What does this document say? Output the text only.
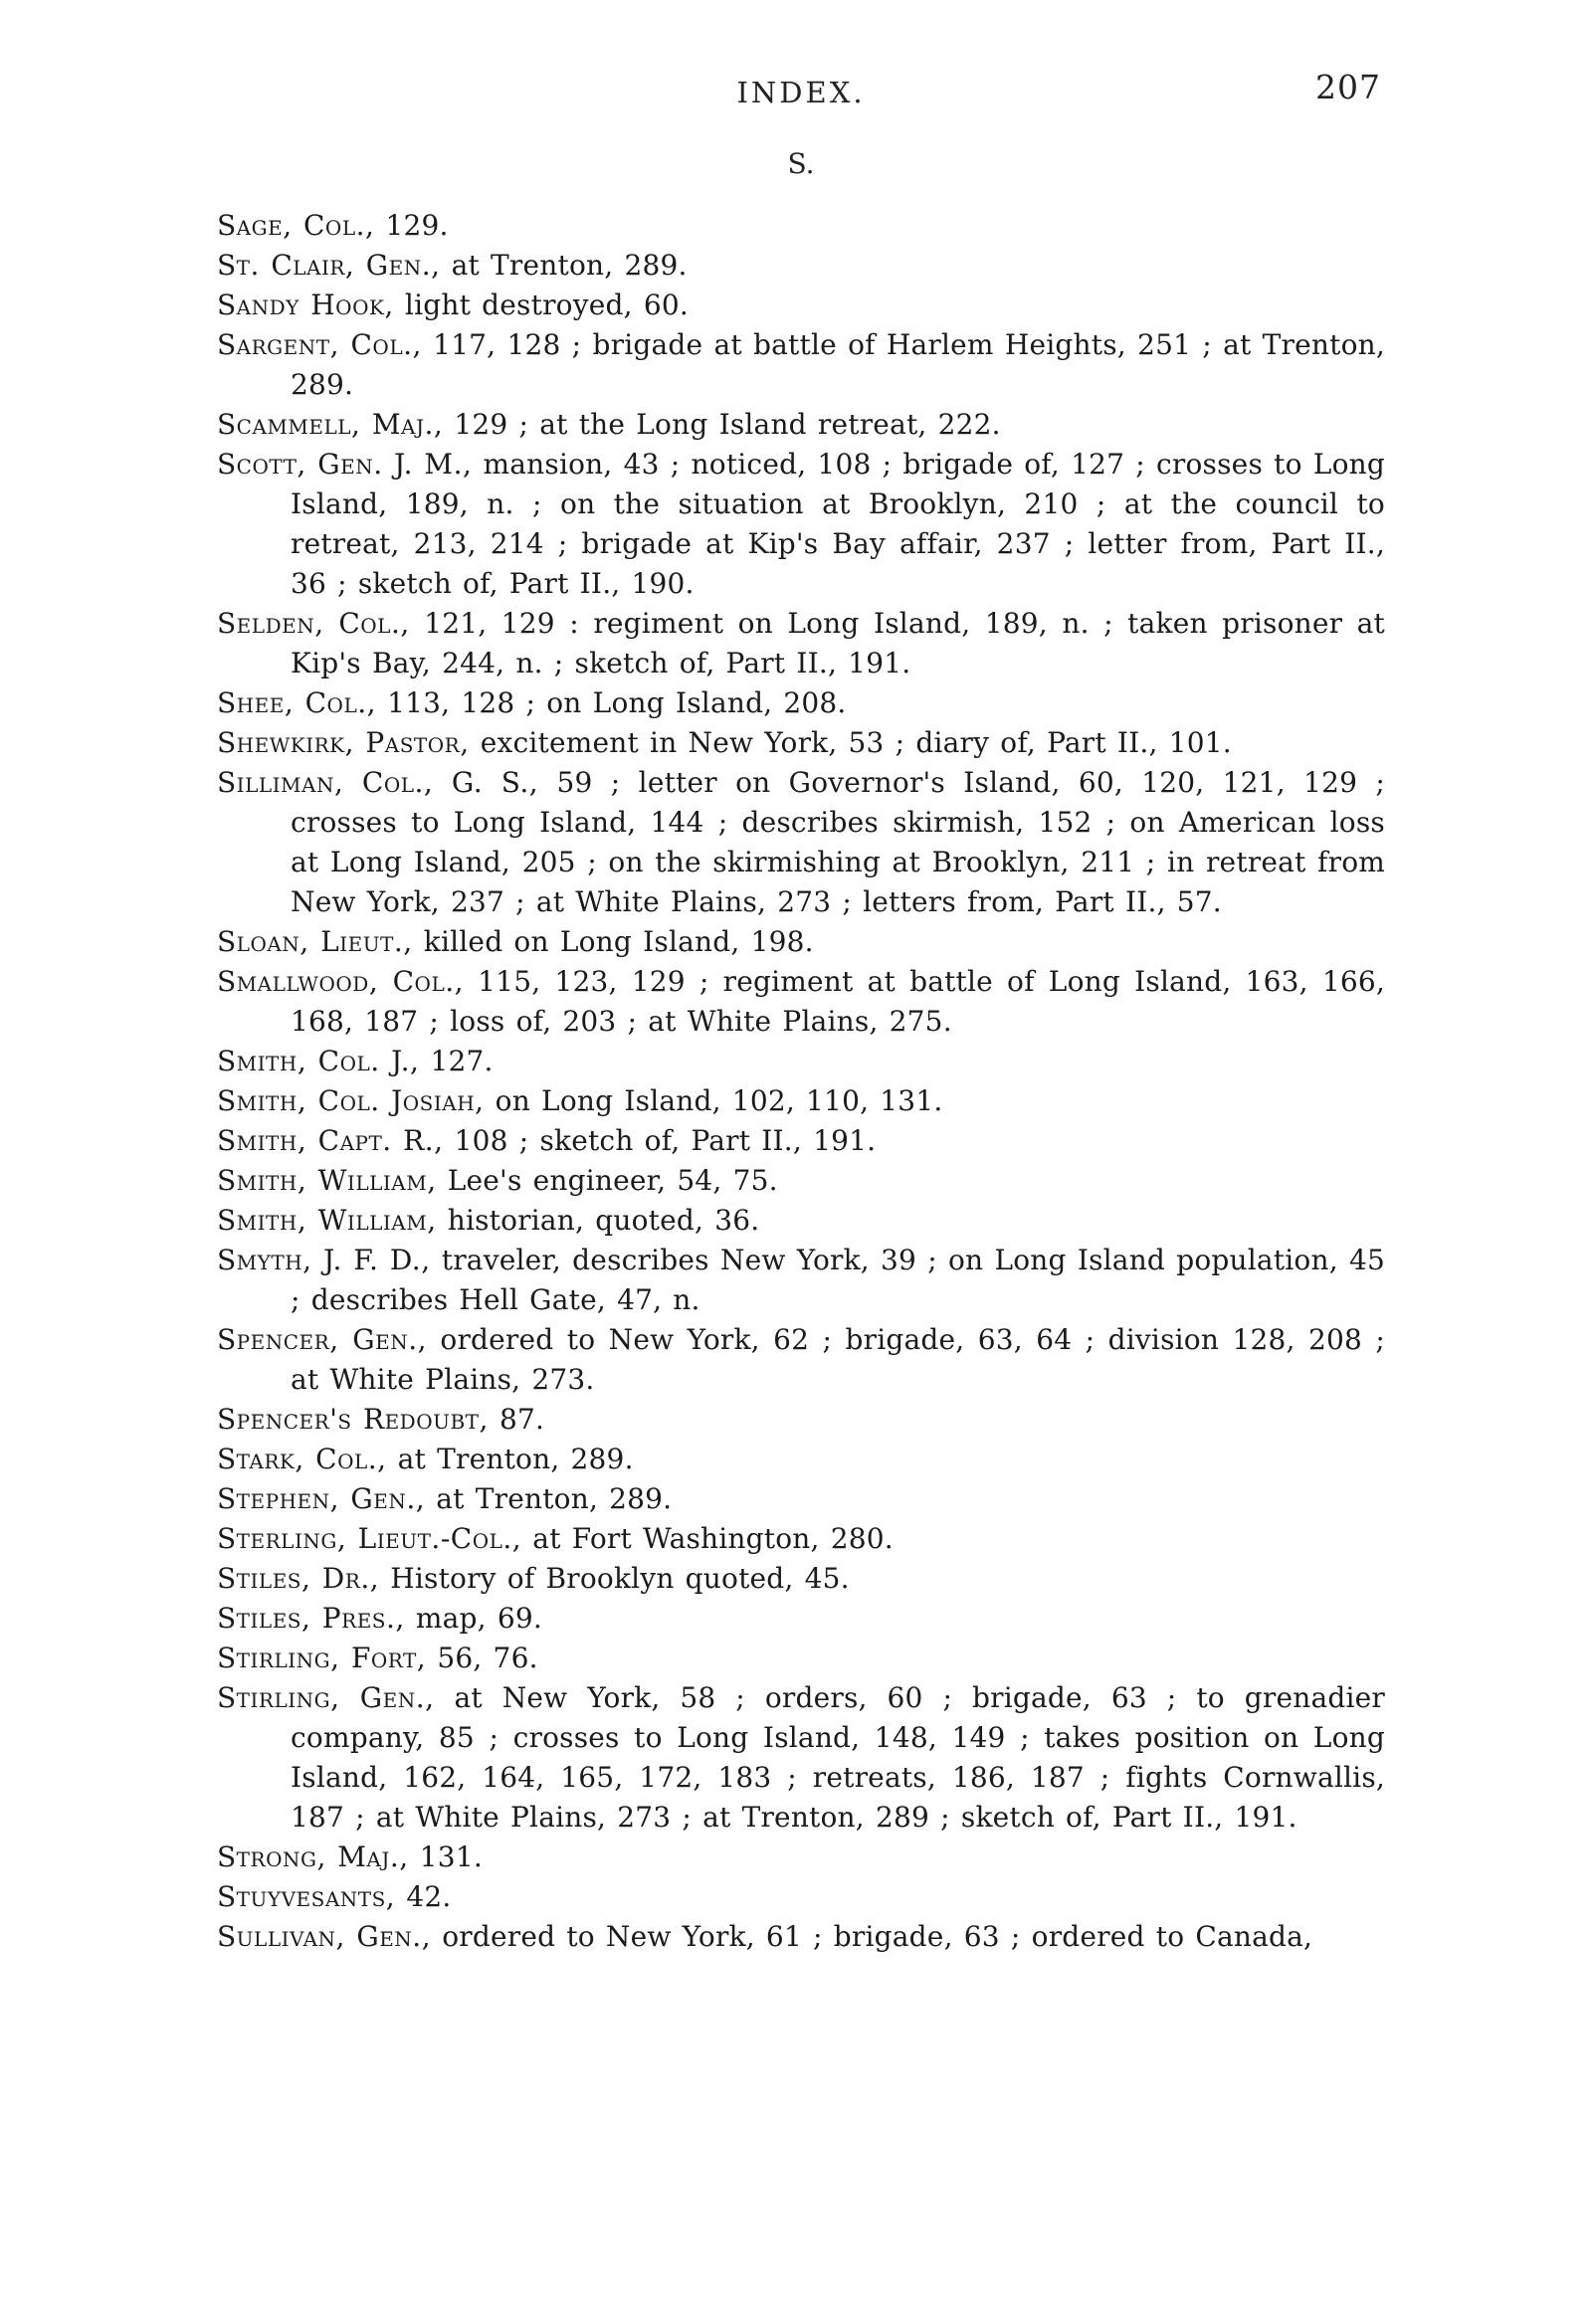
INDEX.	207
S.

Sage, Col., 129.

St. Clair, Gen., at Trenton, 289.

Sandy Hook, light destroyed, 60.

Sargent, Col., 117, 128 ; brigade at battle of Harlem Heights, 251 ; at Trenton, 289.

Scammell, Maj., 129 ; at the Long Island retreat, 222.

Scott, Gen. J. M., mansion, 43 ; noticed, 108 ; brigade of, 127 ; crosses to Long Island, 189, n. ; on the situation at Brooklyn, 210 ; at the council to retreat, 213, 214 ; brigade at Kip's Bay affair, 237 ; letter from, Part II., 36 ; sketch of, Part II., 190.

Selden, Col., 121, 129 : regiment on Long Island, 189, n. ; taken prisoner at Kip's Bay, 244, n. ; sketch of, Part II., 191.

Shee, Col., 113, 128 ; on Long Island, 208.

Shewkirk, Pastor, excitement in New York, 53 ; diary of, Part II., 101.

Silliman, Col., G. S., 59 ; letter on Governor's Island, 60, 120, 121, 129 ; crosses to Long Island, 144 ; describes skirmish, 152 ; on American loss at Long Island, 205 ; on the skirmishing at Brooklyn, 211 ; in retreat from New York, 237 ; at White Plains, 273 ; letters from, Part II., 57.

Sloan, Lieut., killed on Long Island, 198.

Smallwood, Col., 115, 123, 129 ; regiment at battle of Long Island, 163, 166, 168, 187 ; loss of, 203 ; at White Plains, 275.

Smith, Col. J., 127.

Smith, Col. Josiah, on Long Island, 102, 110, 131.

Smith, Capt. R., 108 ; sketch of, Part II., 191.

Smith, William, Lee's engineer, 54, 75.

Smith, William, historian, quoted, 36.

Smyth, J. F. D., traveler, describes New York, 39 ; on Long Island population, 45 ; describes Hell Gate, 47, n.

Spencer, Gen., ordered to New York, 62 ; brigade, 63, 64 ; division 128, 208 ; at White Plains, 273.

Spencer's Redoubt, 87.

Stark, Col., at Trenton, 289.

Stephen, Gen., at Trenton, 289.

Sterling, Lieut.-Col., at Fort Washington, 280.

Stiles, Dr., History of Brooklyn quoted, 45.

Stiles, Pres., map, 69.

Stirling, Fort, 56, 76.

Stirling, Gen., at New York, 58 ; orders, 60 ; brigade, 63 ; to grenadier company, 85 ; crosses to Long Island, 148, 149 ; takes position on Long Island, 162, 164, 165, 172, 183 ; retreats, 186, 187 ; fights Cornwallis, 187 ; at White Plains, 273 ; at Trenton, 289 ; sketch of, Part II., 191.

Strong, Maj., 131.

Stuyvesants, 42.

Sullivan, Gen., ordered to New York, 61 ; brigade, 63 ; ordered to Canada,
